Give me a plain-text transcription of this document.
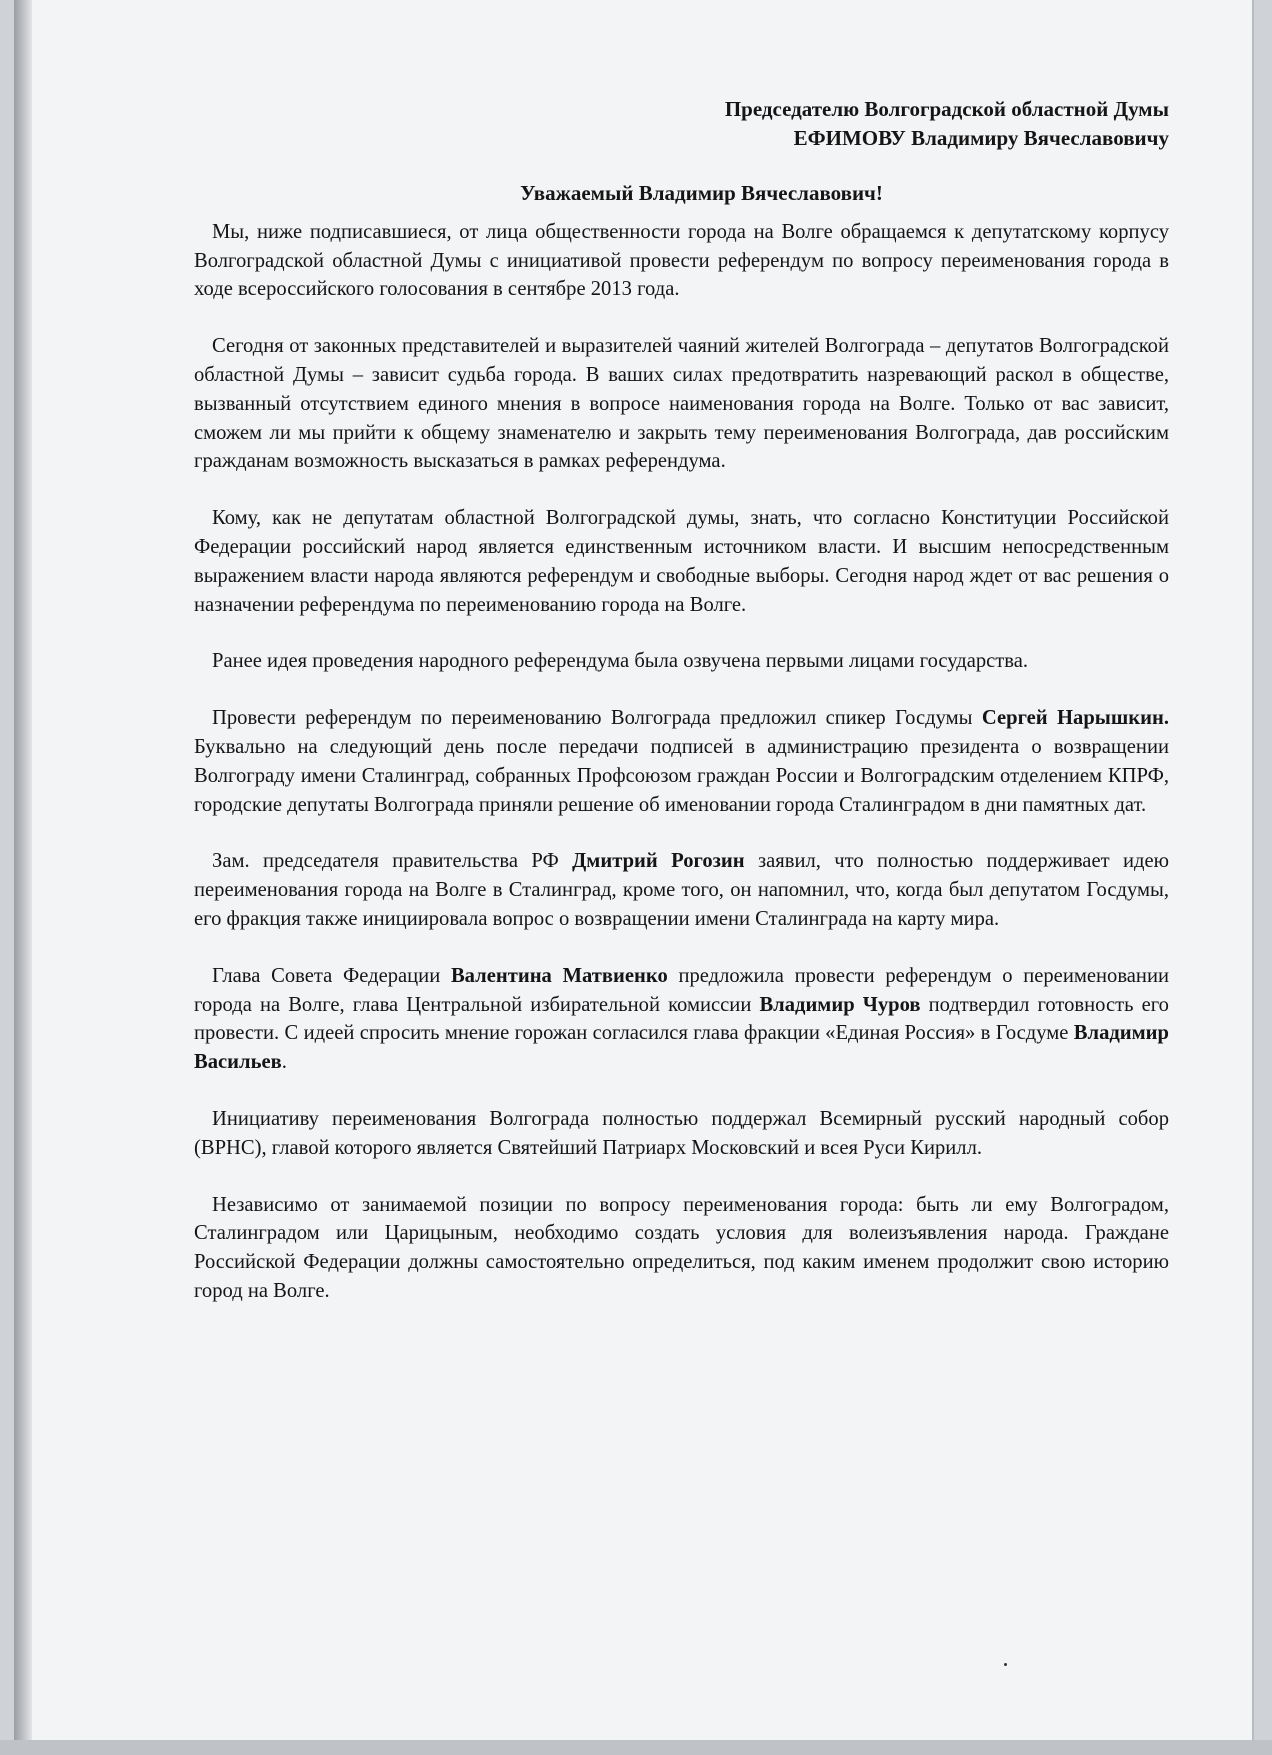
Председателю Волгоградской областной Думы
ЕФИМОВУ Владимиру Вячеславовичу
Уважаемый Владимир Вячеславович!

Мы, ниже подписавшиеся, от лица общественности города на Волге обращаемся к депутатскому корпусу Волгоградской областной Думы с инициативой провести референдум по вопросу переименования города в ходе всероссийского голосования в сентябре 2013 года.

Сегодня от законных представителей и выразителей чаяний жителей Волгограда – депутатов Волгоградской областной Думы – зависит судьба города. В ваших силах предотвратить назревающий раскол в обществе, вызванный отсутствием единого мнения в вопросе наименования города на Волге. Только от вас зависит, сможем ли мы прийти к общему знаменателю и закрыть тему переименования Волгограда, дав российским гражданам возможность высказаться в рамках референдума.

Кому, как не депутатам областной Волгоградской думы, знать, что согласно Конституции Российской Федерации российский народ является единственным источником власти. И высшим непосредственным выражением власти народа являются референдум и свободные выборы. Сегодня народ ждет от вас решения о назначении референдума по переименованию города на Волге.

Ранее идея проведения народного референдума была озвучена первыми лицами государства.

Провести референдум по переименованию Волгограда предложил спикер Госдумы Сергей Нарышкин. Буквально на следующий день после передачи подписей в администрацию президента о возвращении Волгограду имени Сталинград, собранных Профсоюзом граждан России и Волгоградским отделением КПРФ, городские депутаты Волгограда приняли решение об именовании города Сталинградом в дни памятных дат.

Зам. председателя правительства РФ Дмитрий Рогозин заявил, что полностью поддерживает идею переименования города на Волге в Сталинград, кроме того, он напомнил, что, когда был депутатом Госдумы, его фракция также инициировала вопрос о возвращении имени Сталинграда на карту мира.

Глава Совета Федерации Валентина Матвиенко предложила провести референдум о переименовании города на Волге, глава Центральной избирательной комиссии Владимир Чуров подтвердил готовность его провести. С идеей спросить мнение горожан согласился глава фракции «Единая Россия» в Госдуме Владимир Васильев.

Инициативу переименования Волгограда полностью поддержал Всемирный русский народный собор (ВРНС), главой которого является Святейший Патриарх Московский и всея Руси Кирилл.

Независимо от занимаемой позиции по вопросу переименования города: быть ли ему Волгоградом, Сталинградом или Царицыным, необходимо создать условия для волеизъявления народа. Граждане Российской Федерации должны самостоятельно определиться, под каким именем продолжит свою историю город на Волге.
